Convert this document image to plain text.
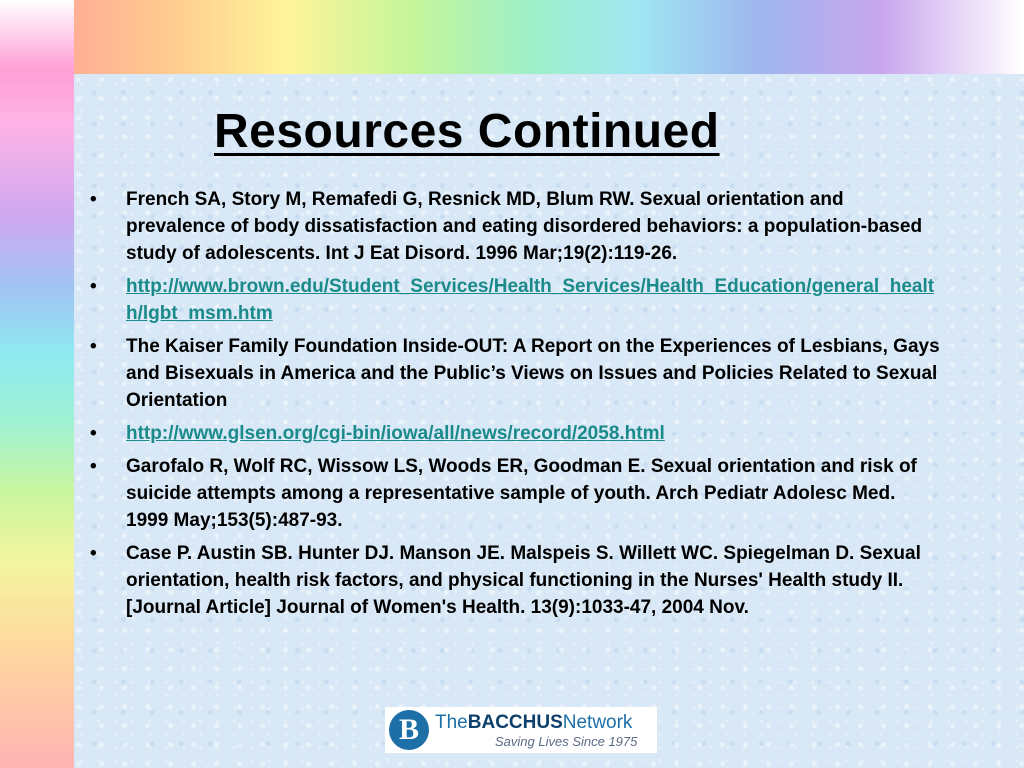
Resources Continued
•	French SA, Story M, Remafedi G, Resnick MD, Blum RW. Sexual orientation and prevalence of body dissatisfaction and eating disordered behaviors: a population-based study of adolescents. Int J Eat Disord. 1996 Mar;19(2):119-26.
•	http://www.brown.edu/Student_Services/Health_Services/Health_Education/general_health/lgbt_msm.htm
•	The Kaiser Family Foundation Inside-OUT: A Report on the Experiences of Lesbians, Gays and Bisexuals in America and the Public’s Views on Issues and Policies Related to Sexual Orientation
•	http://www.glsen.org/cgi-bin/iowa/all/news/record/2058.html
•	Garofalo R, Wolf RC, Wissow LS, Woods ER, Goodman E. Sexual orientation and risk of suicide attempts among a representative sample of youth. Arch Pediatr Adolesc Med. 1999 May;153(5):487-93.
•	Case P. Austin SB. Hunter DJ. Manson JE. Malspeis S. Willett WC. Spiegelman D. Sexual orientation, health risk factors, and physical functioning in the Nurses' Health study II. [Journal Article] Journal of Women's Health. 13(9):1033-47, 2004 Nov.
B TheBACCHUSNetwork
Saving Lives Since 1975
